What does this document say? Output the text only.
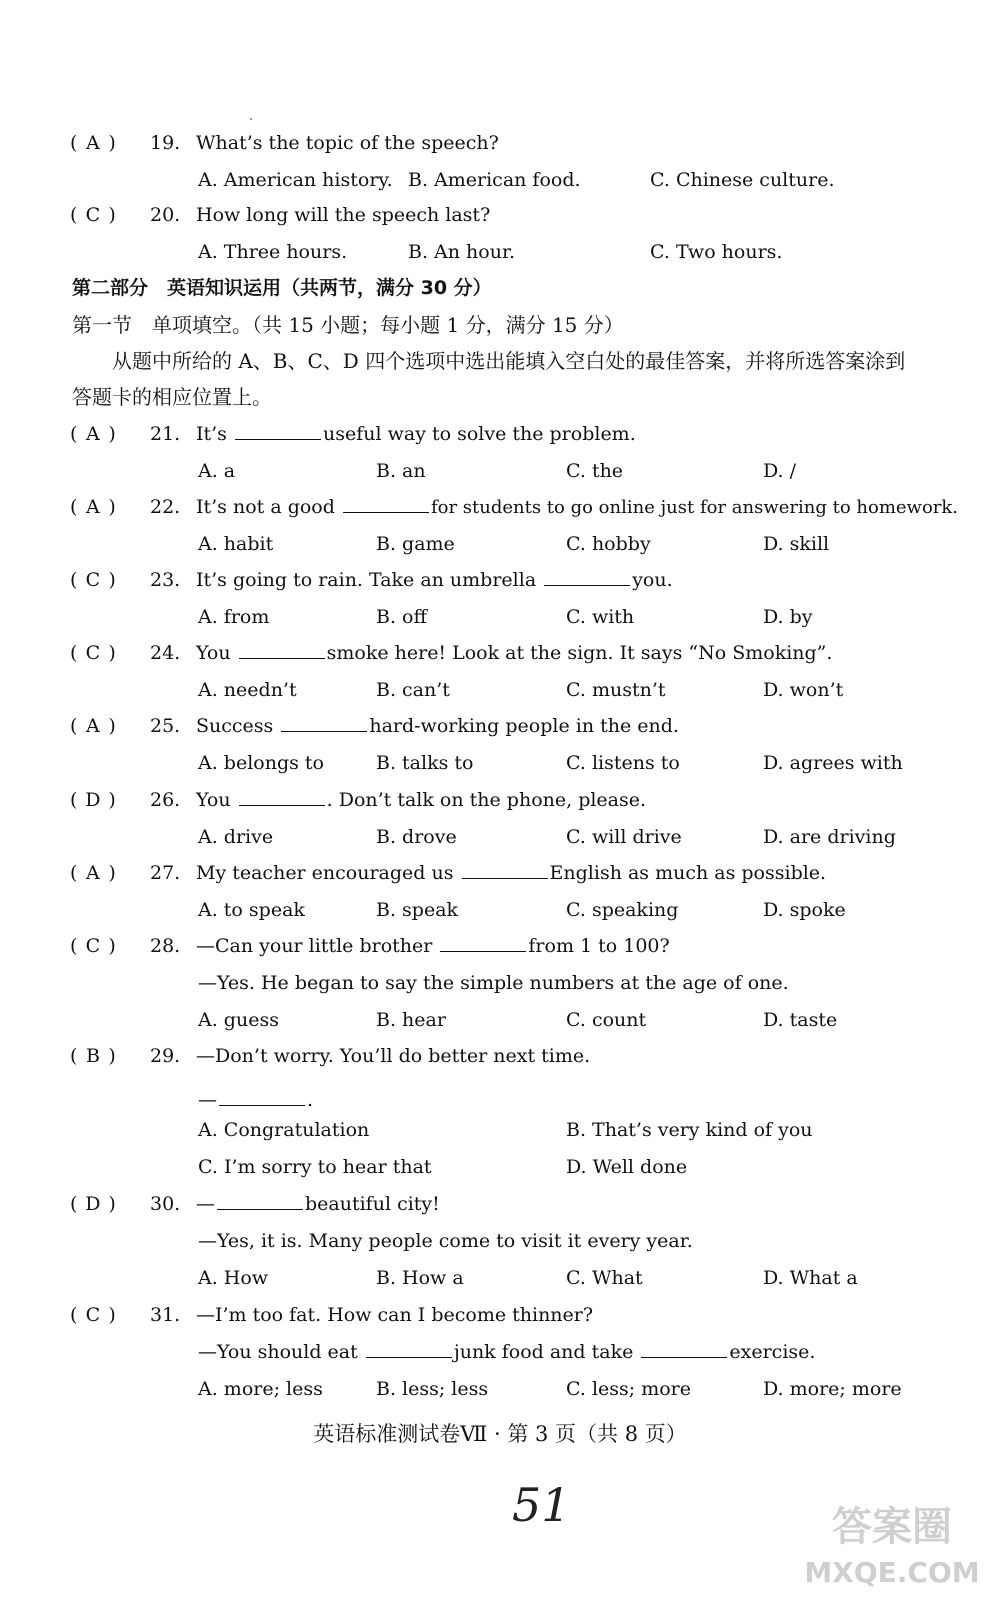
( A ) 19. What’s the topic of the speech?
A. American history. B. American food.	C. Chinese culture.
( C ) 20. How long will the speech last?
A. Three hours.	B. An hour.	C. Two hours.
第二部分　英语知识运用（共两节，满分 30 分）
第一节　单项填空。（共 15 小题；每小题 1 分，满分 15 分）
从题中所给的 A、B、C、D 四个选项中选出能填入空白处的最佳答案，并将所选答案涂到答题卡的相应位置上。
( A ) 21. It’s	useful way to solve the problem.
A. a	B. an	C. the	D. /
( A ) 22. It’s not a good	for students to go online just for answering to homework.
A. habit	B. game	C. hobby	D. skill
( C ) 23. It’s going to rain. Take an umbrella	you.
A. from	B. off	C. with	D. by
( C ) 24. You	smoke here! Look at the sign. It says “No Smoking”.
A. needn’t	B. can’t	C. mustn’t	D. won’t
( A ) 25. Success	hard-working people in the end.
A. belongs to	B. talks to	C. listens to	D. agrees with
( D ) 26. You	. Don’t talk on the phone, please.
A. drive	B. drove	C. will drive	D. are driving
( A ) 27. My teacher encouraged us	English as much as possible.
A. to speak	B. speak	C. speaking	D. spoke
( C ) 28. —Can your little brother	from 1 to 100?
—Yes. He began to say the simple numbers at the age of one.
A. guess	B. hear	C. count	D. taste
( B ) 29. —Don’t worry. You’ll do better next time.
—	.
A. Congratulation	B. That’s very kind of you
C. I’m sorry to hear that	D. Well done
( D ) 30. —	beautiful city!
—Yes, it is. Many people come to visit it every year.
A. How	B. How a	C. What	D. What a
( C ) 31. —I’m too fat. How can I become thinner?
—You should eat	junk food and take	exercise.
A. more; less	B. less; less	C. less; more	D. more; more
英语标准测试卷Ⅶ · 第 3 页（共 8 页）
51	答案圈
MXQE.COM
